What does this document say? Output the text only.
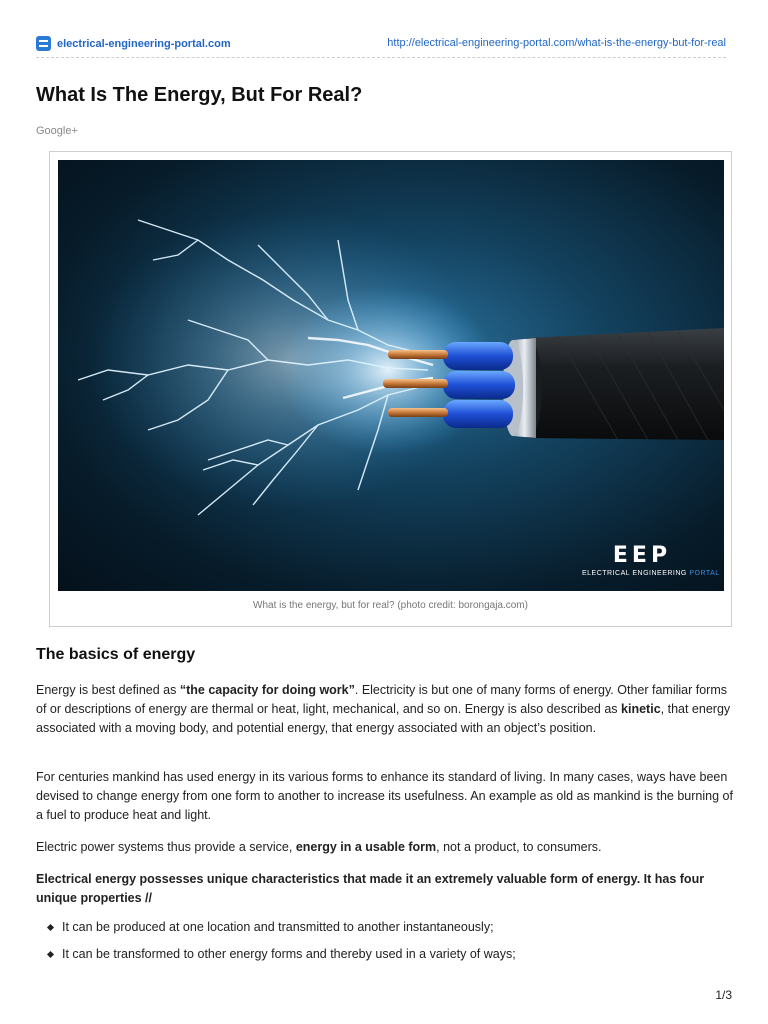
electrical-engineering-portal.com	http://electrical-engineering-portal.com/what-is-the-energy-but-for-real
What Is The Energy, But For Real?
Google+
EEP
ELECTRICAL ENGINEERING PORTAL
What is the energy, but for real? (photo credit: borongaja.com)
The basics of energy

Energy is best defined as “the capacity for doing work”. Electricity is but one of many forms of energy. Other familiar forms of or descriptions of energy are thermal or heat, light, mechanical, and so on. Energy is also described as kinetic, that energy associated with a moving body, and potential energy, that energy associated with an object’s position.

For centuries mankind has used energy in its various forms to enhance its standard of living. In many cases, ways have been devised to change energy from one form to another to increase its usefulness. An example as old as mankind is the burning of a fuel to produce heat and light.

Electric power systems thus provide a service, energy in a usable form, not a product, to consumers.

Electrical energy possesses unique characteristics that made it an extremely valuable form of energy. It has four unique properties //

It can be produced at one location and transmitted to another instantaneously;
It can be transformed to other energy forms and thereby used in a variety of ways;
1/3
